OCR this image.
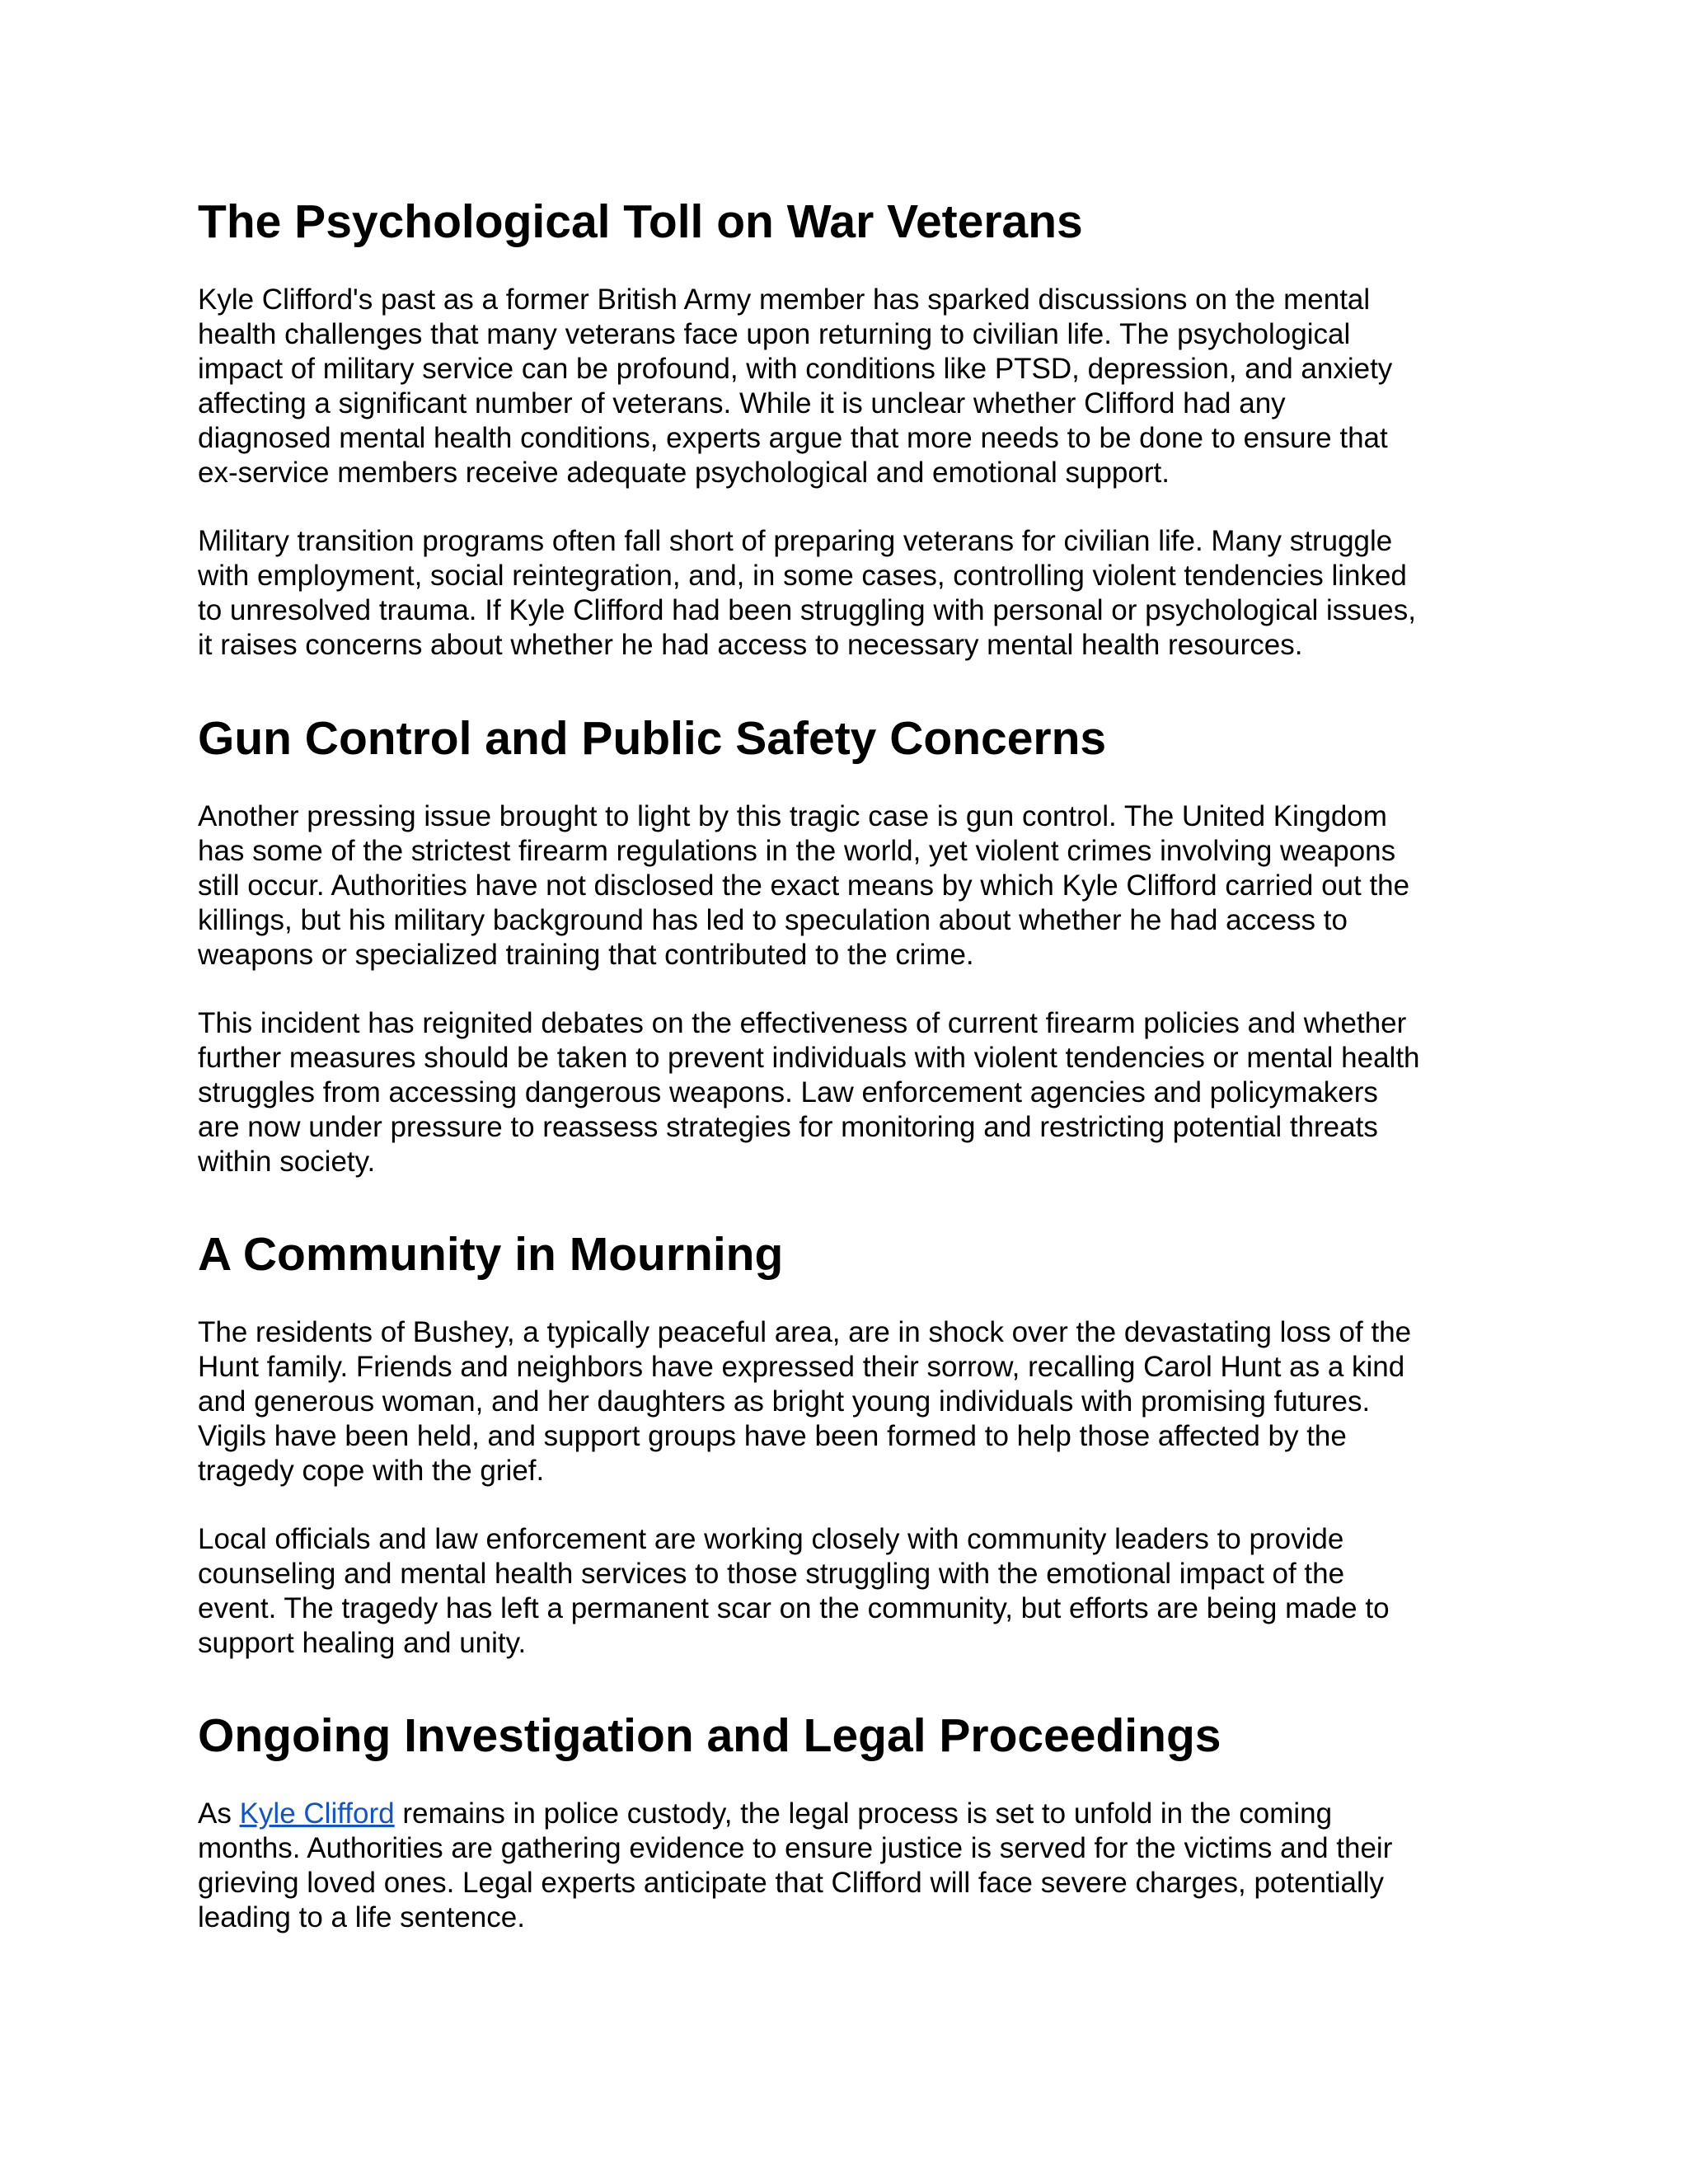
The Psychological Toll on War Veterans

Kyle Clifford's past as a former British Army member has sparked discussions on the mental
health challenges that many veterans face upon returning to civilian life. The psychological
impact of military service can be profound, with conditions like PTSD, depression, and anxiety
affecting a significant number of veterans. While it is unclear whether Clifford had any
diagnosed mental health conditions, experts argue that more needs to be done to ensure that
ex-service members receive adequate psychological and emotional support.

Military transition programs often fall short of preparing veterans for civilian life. Many struggle
with employment, social reintegration, and, in some cases, controlling violent tendencies linked
to unresolved trauma. If Kyle Clifford had been struggling with personal or psychological issues,
it raises concerns about whether he had access to necessary mental health resources.

Gun Control and Public Safety Concerns

Another pressing issue brought to light by this tragic case is gun control. The United Kingdom
has some of the strictest firearm regulations in the world, yet violent crimes involving weapons
still occur. Authorities have not disclosed the exact means by which Kyle Clifford carried out the
killings, but his military background has led to speculation about whether he had access to
weapons or specialized training that contributed to the crime.

This incident has reignited debates on the effectiveness of current firearm policies and whether
further measures should be taken to prevent individuals with violent tendencies or mental health
struggles from accessing dangerous weapons. Law enforcement agencies and policymakers
are now under pressure to reassess strategies for monitoring and restricting potential threats
within society.

A Community in Mourning

The residents of Bushey, a typically peaceful area, are in shock over the devastating loss of the
Hunt family. Friends and neighbors have expressed their sorrow, recalling Carol Hunt as a kind
and generous woman, and her daughters as bright young individuals with promising futures.
Vigils have been held, and support groups have been formed to help those affected by the
tragedy cope with the grief.

Local officials and law enforcement are working closely with community leaders to provide
counseling and mental health services to those struggling with the emotional impact of the
event. The tragedy has left a permanent scar on the community, but efforts are being made to
support healing and unity.

Ongoing Investigation and Legal Proceedings

As Kyle Clifford remains in police custody, the legal process is set to unfold in the coming
months. Authorities are gathering evidence to ensure justice is served for the victims and their
grieving loved ones. Legal experts anticipate that Clifford will face severe charges, potentially
leading to a life sentence.
